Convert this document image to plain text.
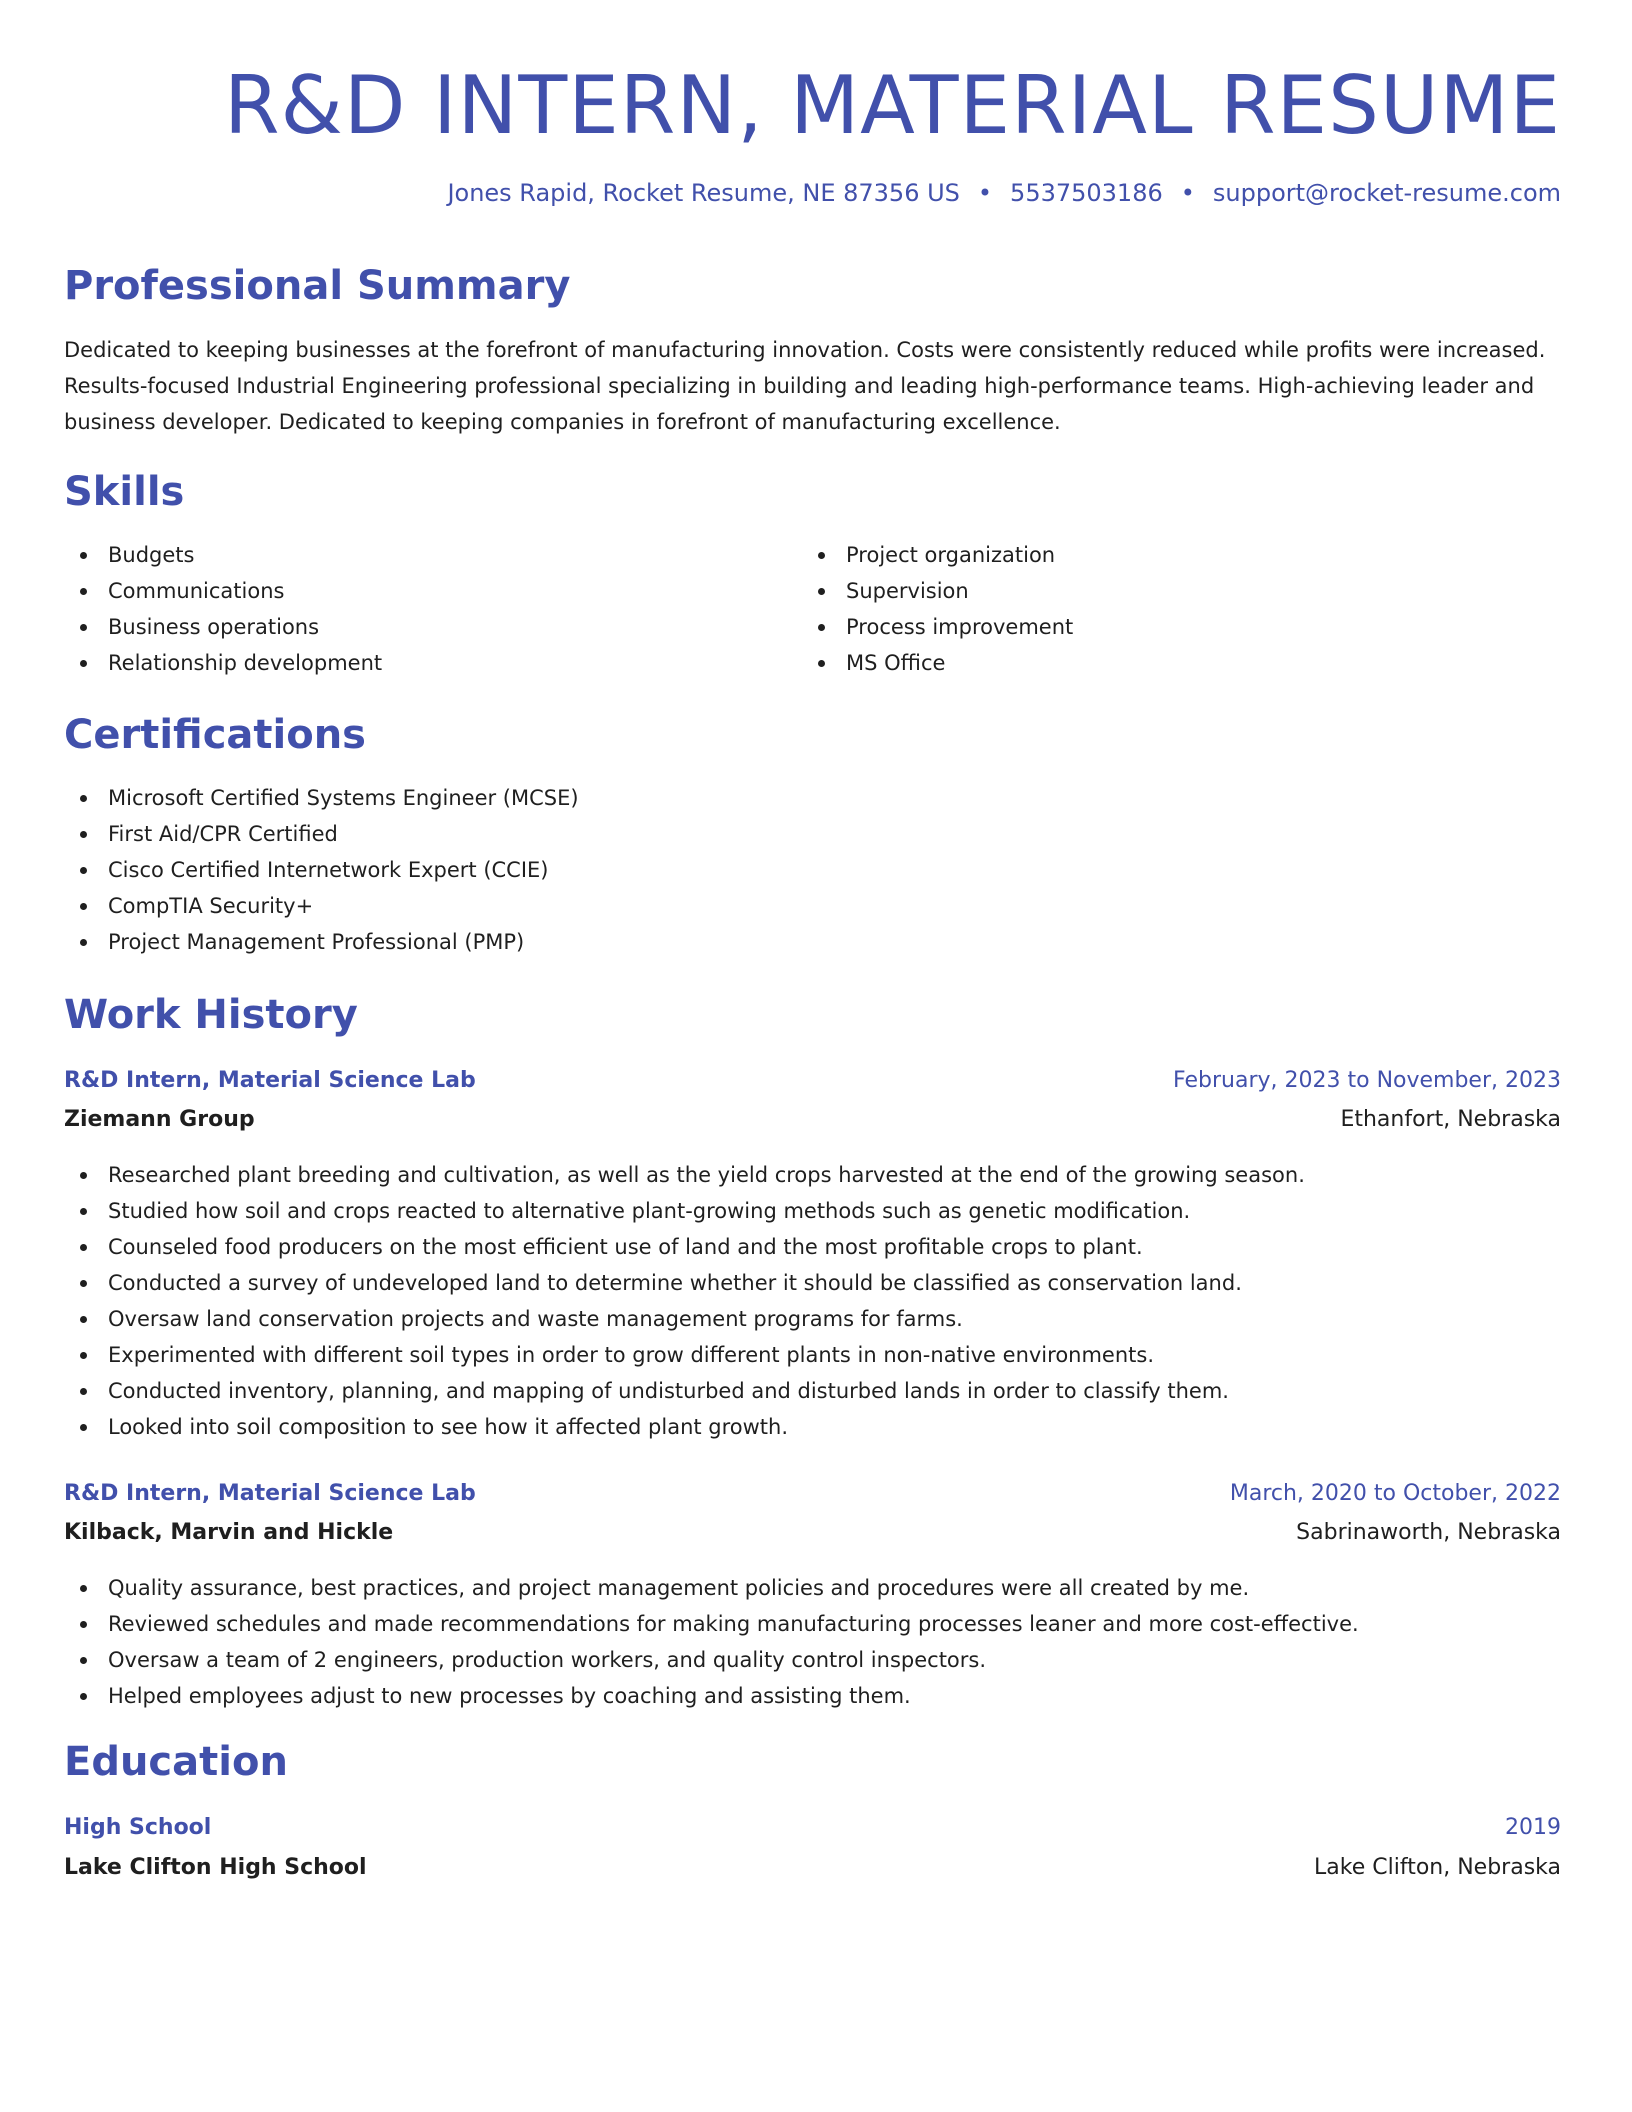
R&D INTERN, MATERIAL RESUME
Jones Rapid, Rocket Resume, NE 87356 US • 5537503186 • support@rocket-resume.com
Professional Summary
Dedicated to keeping businesses at the forefront of manufacturing innovation. Costs were consistently reduced while profits were increased.
Results-focused Industrial Engineering professional specializing in building and leading high-performance teams. High-achieving leader and
business developer. Dedicated to keeping companies in forefront of manufacturing excellence.
Skills
Budgets
Communications
Business operations
Relationship development
Project organization
Supervision
Process improvement
MS Office
Certifications
Microsoft Certified Systems Engineer (MCSE)
First Aid/CPR Certified
Cisco Certified Internetwork Expert (CCIE)
CompTIA Security+
Project Management Professional (PMP)
Work History
R&D Intern, Material Science Lab	February, 2023 to November, 2023
Ziemann Group	Ethanfort, Nebraska
Researched plant breeding and cultivation, as well as the yield crops harvested at the end of the growing season.
Studied how soil and crops reacted to alternative plant-growing methods such as genetic modification.
Counseled food producers on the most efficient use of land and the most profitable crops to plant.
Conducted a survey of undeveloped land to determine whether it should be classified as conservation land.
Oversaw land conservation projects and waste management programs for farms.
Experimented with different soil types in order to grow different plants in non-native environments.
Conducted inventory, planning, and mapping of undisturbed and disturbed lands in order to classify them.
Looked into soil composition to see how it affected plant growth.
R&D Intern, Material Science Lab	March, 2020 to October, 2022
Kilback, Marvin and Hickle	Sabrinaworth, Nebraska
Quality assurance, best practices, and project management policies and procedures were all created by me.
Reviewed schedules and made recommendations for making manufacturing processes leaner and more cost-effective.
Oversaw a team of 2 engineers, production workers, and quality control inspectors.
Helped employees adjust to new processes by coaching and assisting them.
Education
High School	2019
Lake Clifton High School	Lake Clifton, Nebraska
